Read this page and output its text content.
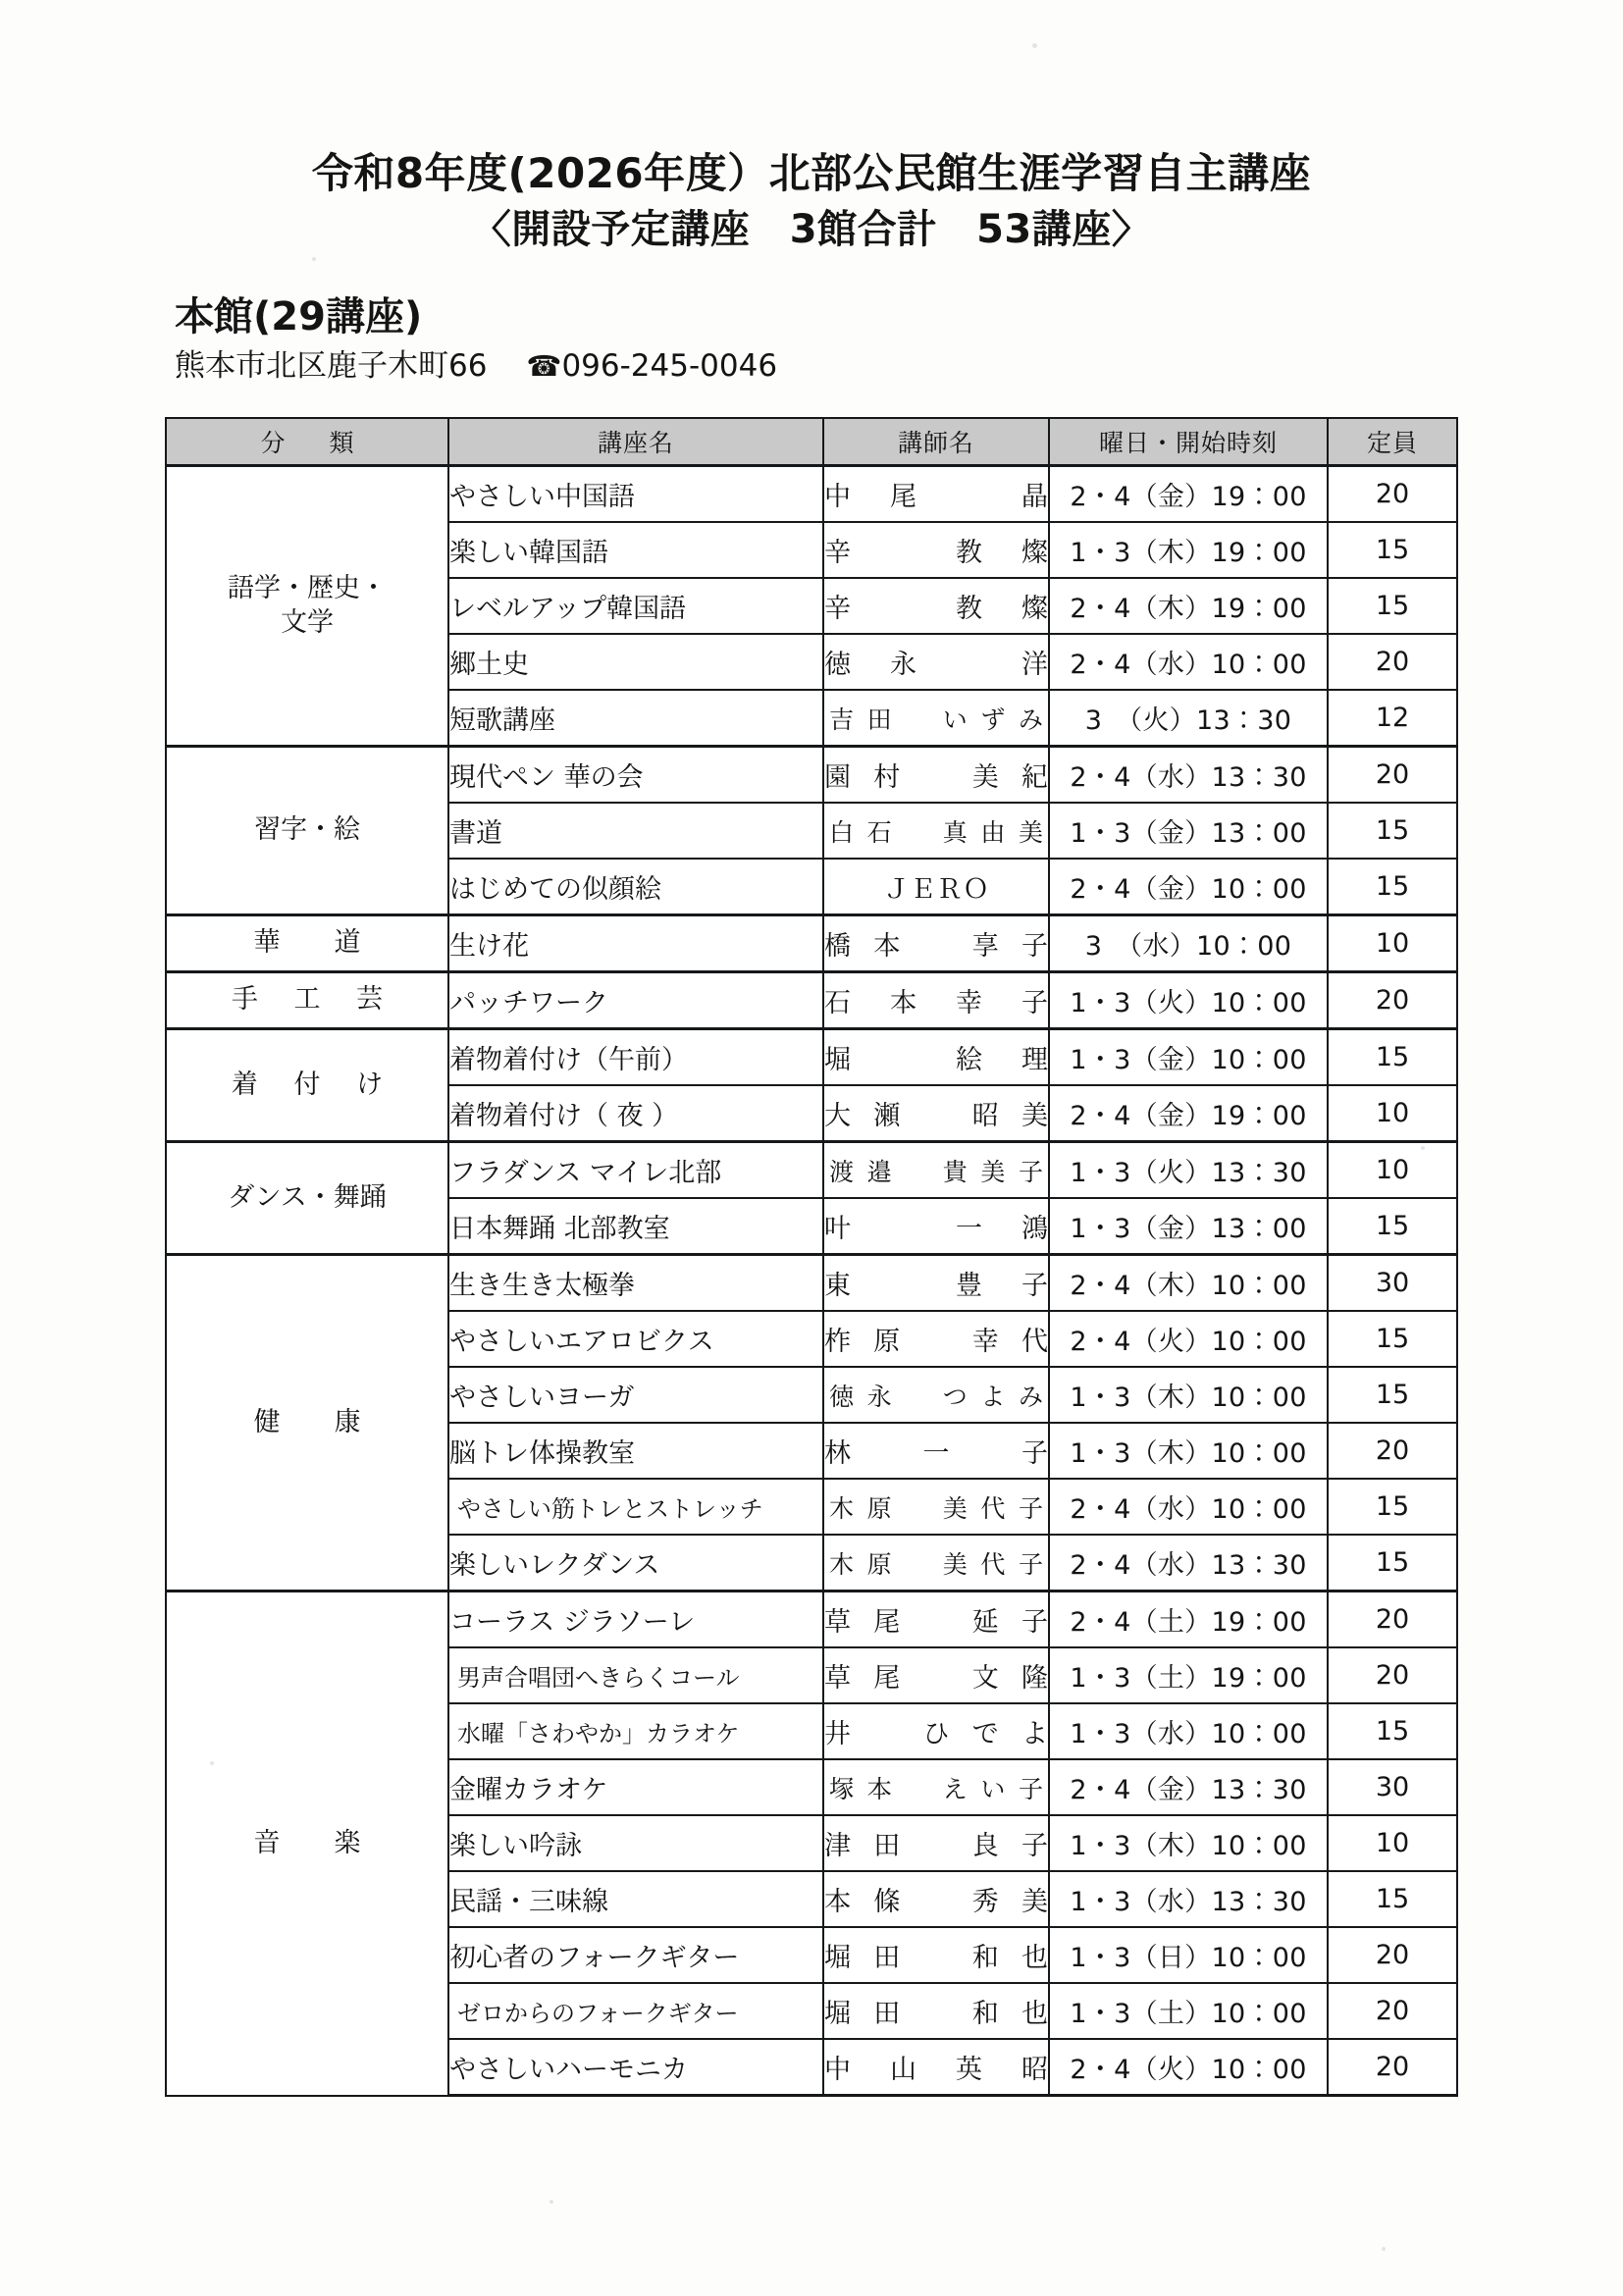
令和8年度(2026年度）北部公民館生涯学習自主講座
〈開設予定講座　3館合計　53講座〉
本館(29講座)
熊本市北区鹿子木町66 ☎096-245-0046
分　類	講座名	講師名	曜日・開始時刻	定員

語学・歴史・
文学	やさしい中国語	中尾　晶	2・4（金）19：00	20
	楽しい韓国語	辛　教燦	1・3（木）19：00	15
	レベルアップ韓国語	辛　教燦	2・4（木）19：00	15
	郷土史	徳永　洋	2・4（水）10：00	20
	短歌講座	吉田　いずみ	3　（火）13：30	12
習字・絵	現代ペン 華の会	園村　美紀	2・4（水）13：30	20
	書道	白石　真由美	1・3（金）13：00	15
	はじめての似顔絵	ＪＥＲＯ	2・4（金）10：00	15
華　道	生け花	橋本　享子	3　（水）10：00	10
手 工 芸	パッチワーク	石本幸子	1・3（火）10：00	20
着 付 け	着物着付け（午前）	堀　絵理	1・3（金）10：00	15
	着物着付け（ 夜 ）	大瀬　昭美	2・4（金）19：00	10
ダンス・舞踊	フラダンス マイレ北部	渡邉　貴美子	1・3（火）13：30	10
	日本舞踊 北部教室	叶　一鴻	1・3（金）13：00	15
健　康	生き生き太極拳	東　豊子	2・4（木）10：00	30
	やさしいエアロビクス	柞原　幸代	2・4（火）10：00	15
	やさしいヨーガ	徳永　つよみ	1・3（木）10：00	15
	脳トレ体操教室	林　一　子	1・3（木）10：00	20
	やさしい筋トレとストレッチ	木原　美代子	2・4（水）10：00	15
	楽しいレクダンス	木原　美代子	2・4（水）13：30	15
音　楽	コーラス ジラソーレ	草尾　延子	2・4（土）19：00	20
	男声合唱団へきらくコール	草尾　文隆	1・3（土）19：00	20
	水曜「さわやか」カラオケ	井　ひでよ	1・3（水）10：00	15
	金曜カラオケ	塚本　えい子	2・4（金）13：30	30
	楽しい吟詠	津田　良子	1・3（木）10：00	10
	民謡・三味線	本條　秀美	1・3（水）13：30	15
	初心者のフォークギター	堀田　和也	1・3（日）10：00	20
	ゼロからのフォークギター	堀田　和也	1・3（土）10：00	20
	やさしいハーモニカ	中山英昭	2・4（火）10：00	20
